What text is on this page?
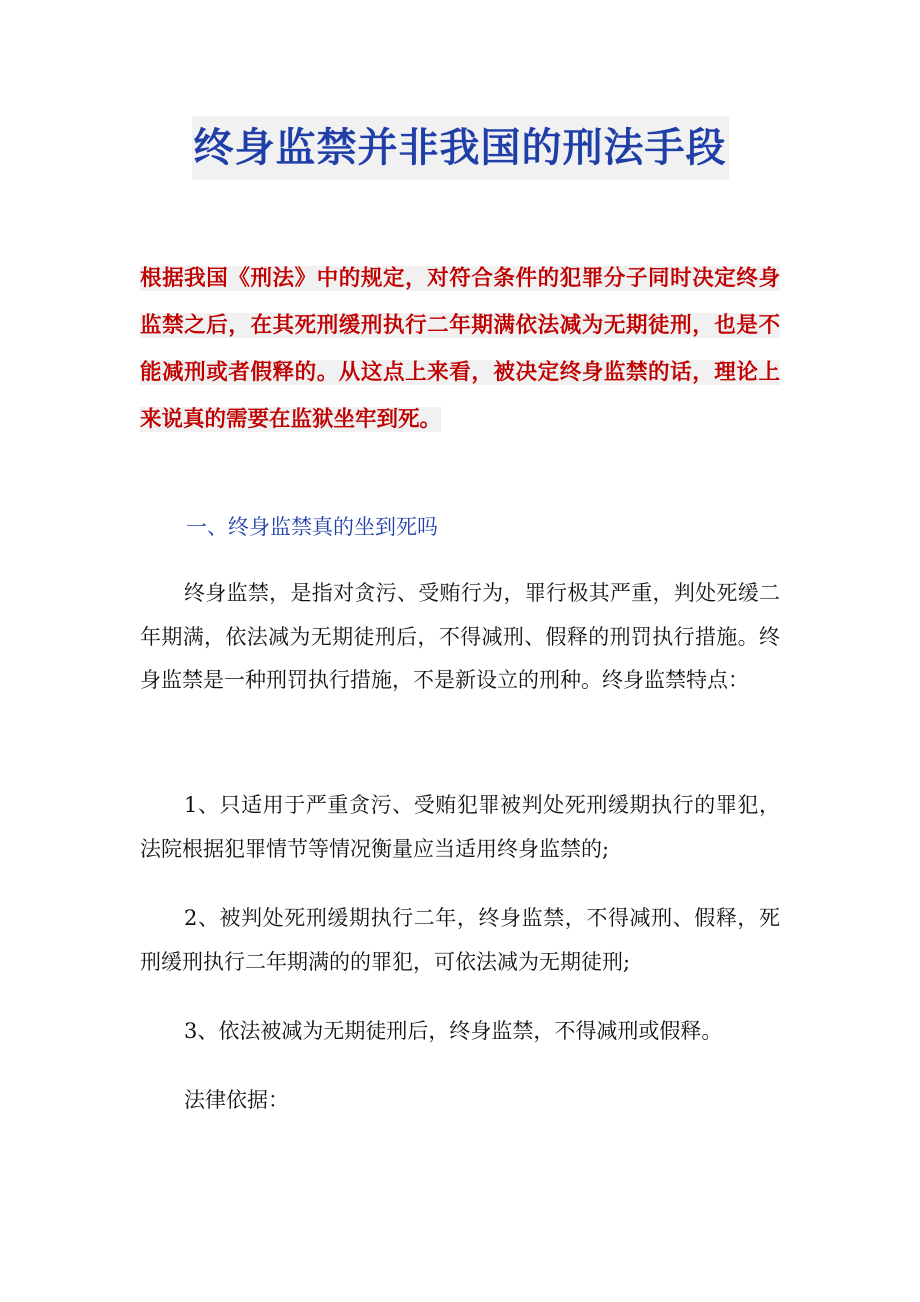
终身监禁并非我国的刑法手段

根据我国《刑法》中的规定，对符合条件的犯罪分子同时决定终身监禁之后，在其死刑缓刑执行二年期满依法减为无期徒刑，也是不能减刑或者假释的。从这点上来看，被决定终身监禁的话，理论上来说真的需要在监狱坐牢到死。

一、终身监禁真的坐到死吗

终身监禁，是指对贪污、受贿行为，罪行极其严重，判处死缓二年期满，依法减为无期徒刑后，不得减刑、假释的刑罚执行措施。终身监禁是一种刑罚执行措施，不是新设立的刑种。终身监禁特点：

1、只适用于严重贪污、受贿犯罪被判处死刑缓期执行的罪犯，法院根据犯罪情节等情况衡量应当适用终身监禁的;

2、被判处死刑缓期执行二年，终身监禁，不得减刑、假释，死刑缓刑执行二年期满的的罪犯，可依法减为无期徒刑;

3、依法被减为无期徒刑后，终身监禁，不得减刑或假释。

法律依据：
